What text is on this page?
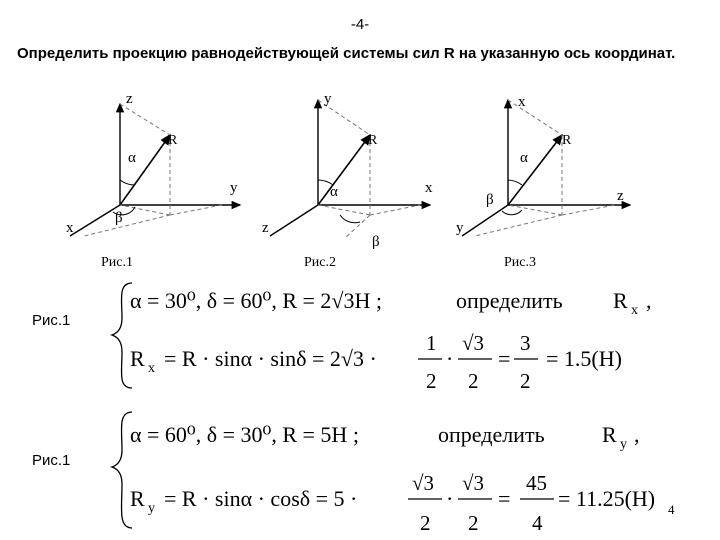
-4-
Определить проекцию равнодействующей системы сил R на указанную ось координат.
z
y
x
R
α
β
Рис.1
y
x
z
R
α
β
Рис.2
x
z
y
R
α
β
Рис.3
Рис.1
Рис.1
α = 30⁰, δ = 60⁰, R = 2√3H ;	определить R x ,
R x = R · sinα · sinδ = 2√3 ·
1
2
·
√3
2
=
3
2
= 1.5(H)
α = 60⁰, δ = 30⁰, R = 5H ;	определить	R y ,
R y = R · sinα · cosδ = 5 ·
√3
2
·
√3
2
=
45
4
= 11.25(H) 4
